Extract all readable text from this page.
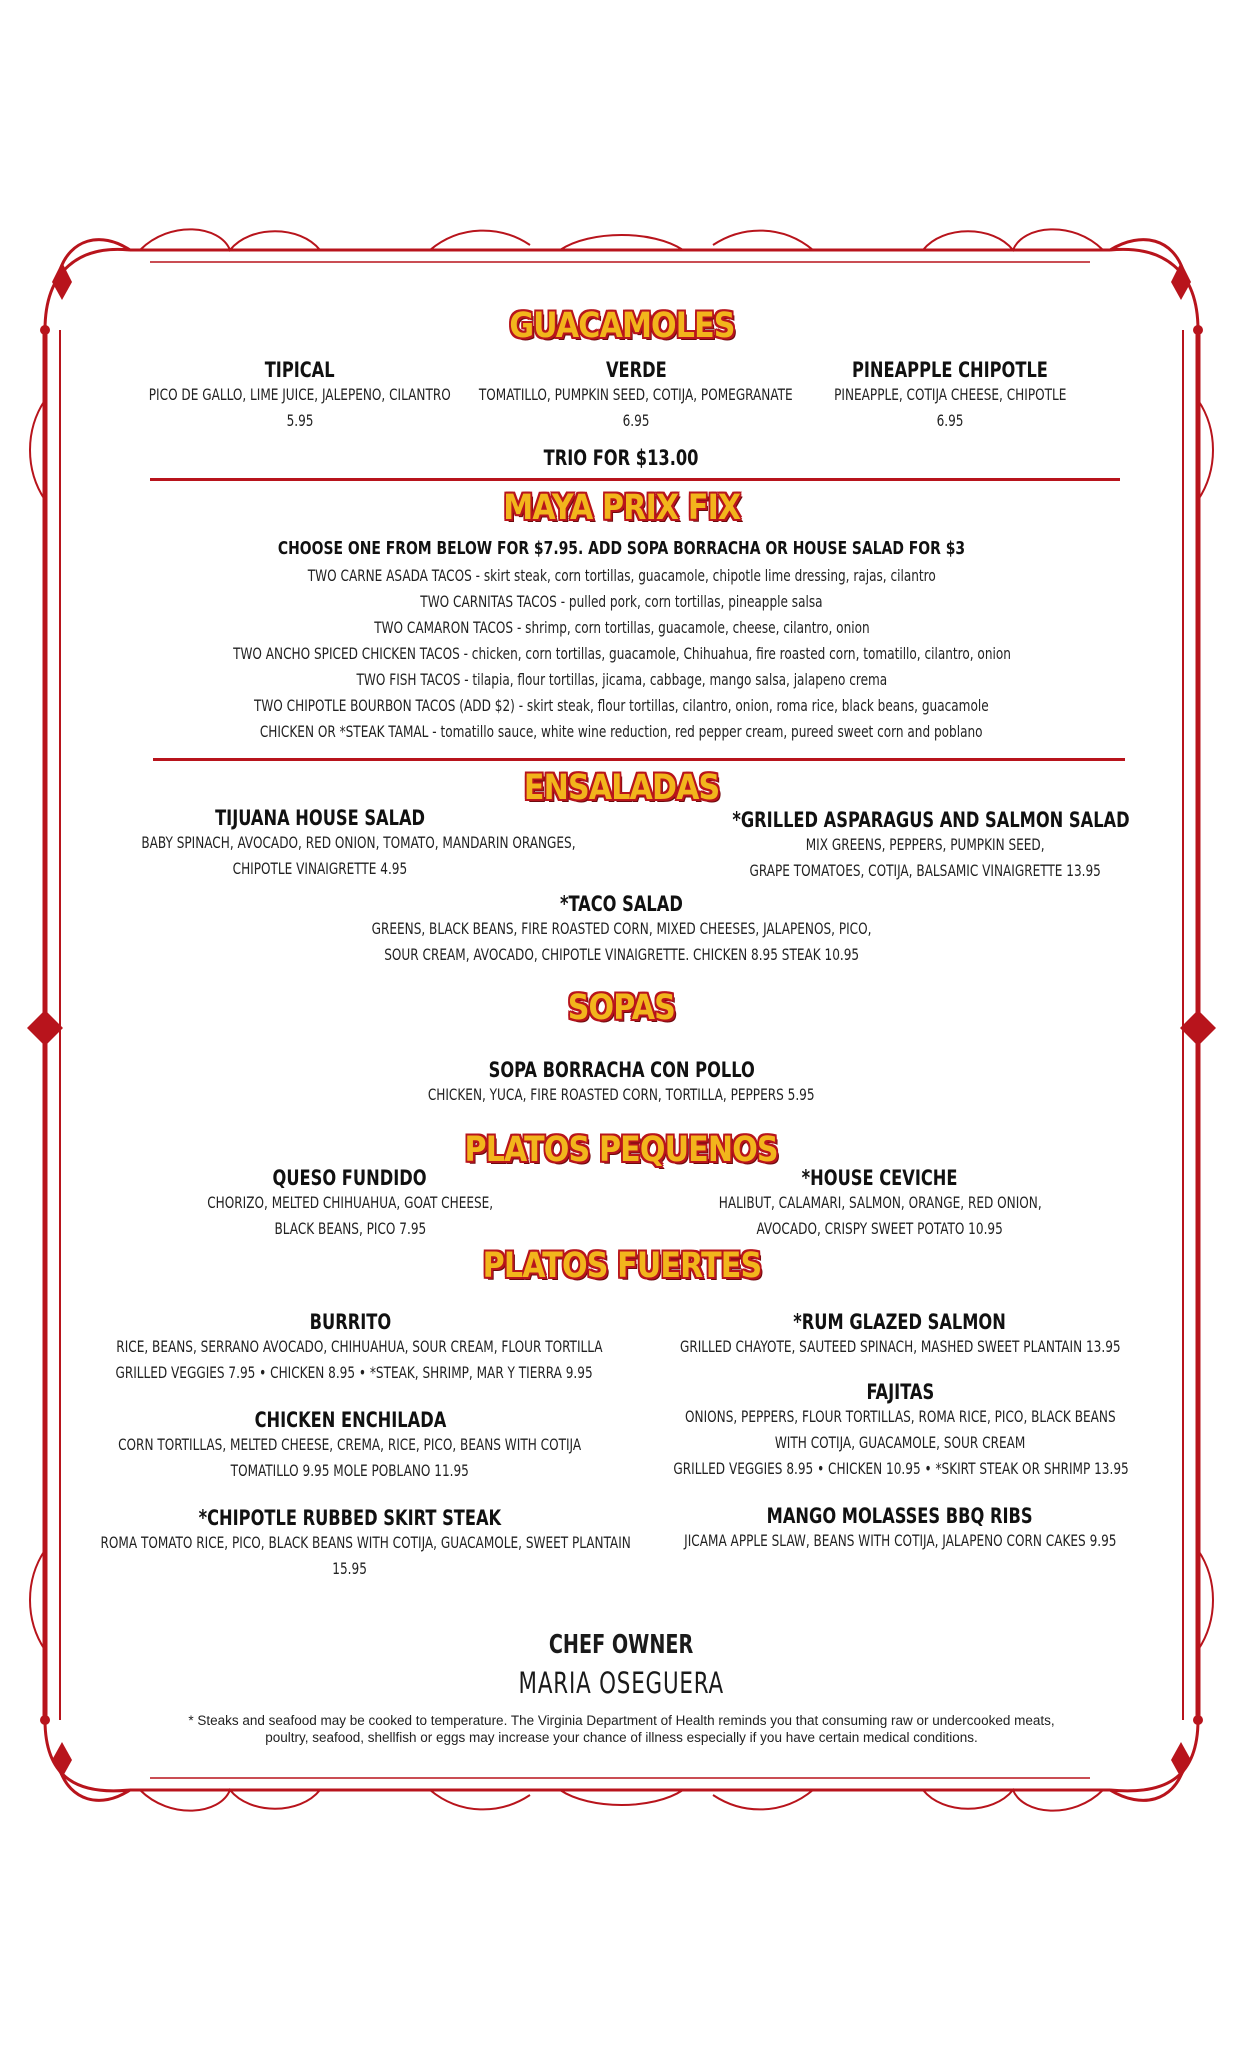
GUACAMOLES
TIPICAL
PICO DE GALLO, LIME JUICE, JALEPENO, CILANTRO
5.95
VERDE
TOMATILLO, PUMPKIN SEED, COTIJA, POMEGRANATE
6.95
PINEAPPLE CHIPOTLE
PINEAPPLE, COTIJA CHEESE, CHIPOTLE
6.95
TRIO FOR $13.00
MAYA PRIX FIX
CHOOSE ONE FROM BELOW FOR $7.95. ADD SOPA BORRACHA OR HOUSE SALAD FOR $3
TWO CARNE ASADA TACOS - skirt steak, corn tortillas, guacamole, chipotle lime dressing, rajas, cilantro
TWO CARNITAS TACOS - pulled pork, corn tortillas, pineapple salsa
TWO CAMARON TACOS - shrimp, corn tortillas, guacamole, cheese, cilantro, onion
TWO ANCHO SPICED CHICKEN TACOS - chicken, corn tortillas, guacamole, Chihuahua, fire roasted corn, tomatillo, cilantro, onion
TWO FISH TACOS - tilapia, flour tortillas, jicama, cabbage, mango salsa, jalapeno crema
TWO CHIPOTLE BOURBON TACOS (ADD $2) - skirt steak, flour tortillas, cilantro, onion, roma rice, black beans, guacamole
CHICKEN OR *STEAK TAMAL - tomatillo sauce, white wine reduction, red pepper cream, pureed sweet corn and poblano
ENSALADAS
TIJUANA HOUSE SALAD
BABY SPINACH, AVOCADO, RED ONION, TOMATO, MANDARIN ORANGES,
CHIPOTLE VINAIGRETTE 4.95
*GRILLED ASPARAGUS AND SALMON SALAD
MIX GREENS, PEPPERS, PUMPKIN SEED,
GRAPE TOMATOES, COTIJA, BALSAMIC VINAIGRETTE 13.95
*TACO SALAD
GREENS, BLACK BEANS, FIRE ROASTED CORN, MIXED CHEESES, JALAPENOS, PICO,
SOUR CREAM, AVOCADO, CHIPOTLE VINAIGRETTE. CHICKEN 8.95 STEAK 10.95
SOPAS
SOPA BORRACHA CON POLLO
CHICKEN, YUCA, FIRE ROASTED CORN, TORTILLA, PEPPERS 5.95
PLATOS PEQUENOS
QUESO FUNDIDO
CHORIZO, MELTED CHIHUAHUA, GOAT CHEESE,
BLACK BEANS, PICO 7.95
*HOUSE CEVICHE
HALIBUT, CALAMARI, SALMON, ORANGE, RED ONION,
AVOCADO, CRISPY SWEET POTATO 10.95
PLATOS FUERTES
BURRITO
RICE, BEANS, SERRANO AVOCADO, CHIHUAHUA, SOUR CREAM, FLOUR TORTILLA
GRILLED VEGGIES 7.95 • CHICKEN 8.95 • *STEAK, SHRIMP, MAR Y TIERRA 9.95
CHICKEN ENCHILADA
CORN TORTILLAS, MELTED CHEESE, CREMA, RICE, PICO, BEANS WITH COTIJA
TOMATILLO 9.95 MOLE POBLANO 11.95
*CHIPOTLE RUBBED SKIRT STEAK
ROMA TOMATO RICE, PICO, BLACK BEANS WITH COTIJA, GUACAMOLE, SWEET PLANTAIN
15.95
*RUM GLAZED SALMON
GRILLED CHAYOTE, SAUTEED SPINACH, MASHED SWEET PLANTAIN 13.95
FAJITAS
ONIONS, PEPPERS, FLOUR TORTILLAS, ROMA RICE, PICO, BLACK BEANS
WITH COTIJA, GUACAMOLE, SOUR CREAM
GRILLED VEGGIES 8.95 • CHICKEN 10.95 • *SKIRT STEAK OR SHRIMP 13.95
MANGO MOLASSES BBQ RIBS
JICAMA APPLE SLAW, BEANS WITH COTIJA, JALAPENO CORN CAKES 9.95
CHEF OWNER
MARIA OSEGUERA
* Steaks and seafood may be cooked to temperature. The Virginia Department of Health reminds you that consuming raw or undercooked meats,
poultry, seafood, shellfish or eggs may increase your chance of illness especially if you have certain medical conditions.
